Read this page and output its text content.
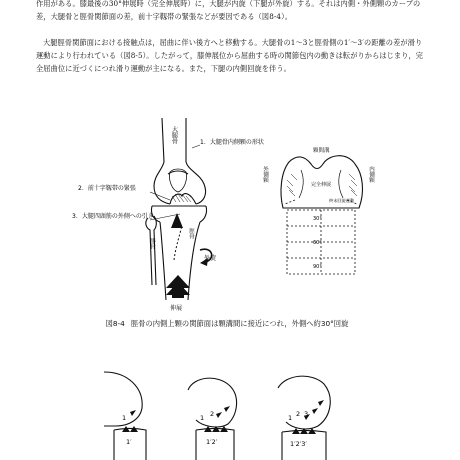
作用がある。膝最後の30°伸展時（完全伸展時）に，大腿が内旋（下腿が外旋）する。それは内側・外側顆のカーブの差，大腿骨と脛骨関節面の差，前十字靱帯の緊張などが要因である（図8-4）。

大腿脛骨関節面における接触点は，屈曲に伴い後方へと移動する。大腿骨の1～3と脛骨側の1′～3′の距離の差が滑り運動により行われている（図8-5）。したがって，膝伸展位から屈曲する時の関節包内の動きは転がりからはじまり，完全屈曲位に近づくにつれ滑り運動が主になる。また，下腿の内側回旋を伴う。

大腿骨	1．大腿骨内側顆の形状
2．前十字靱帯の緊張
3．大腿四頭筋の外側への引き
脛骨
腓骨
外旋
伸展
顆間溝
外側顆	内側顆
完全伸展
終末回旋運動
30°
60°
90°
図8-4 脛骨の内側上顆の関節面は顆溝間に接近につれ，外側へ約30°回旋
1
1′
1 2
1′2′
1 2 3
1′2′3′
